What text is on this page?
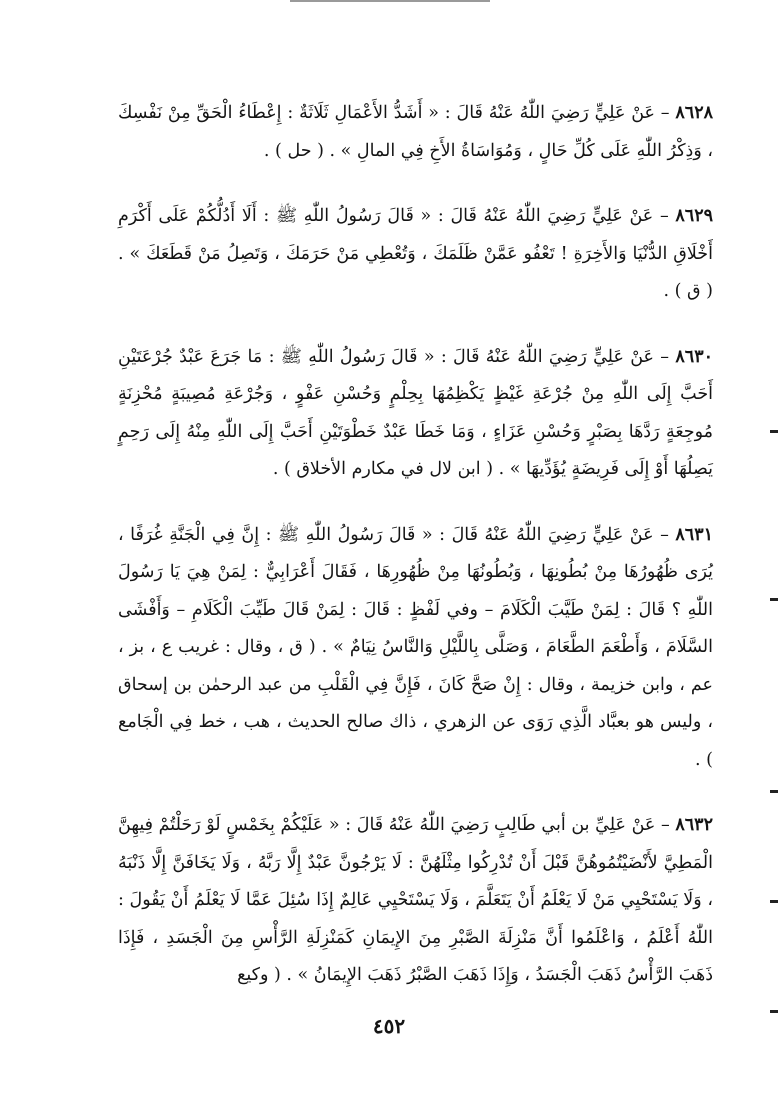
٨٦٢٨ – عَنْ عَلِيٍّ رَضِيَ اللّٰهُ عَنْهُ قَالَ : « أَشَدُّ الأَعْمَالِ ثَلَاثَةٌ : إِعْطَاءُ الْحَقِّ مِنْ نَفْسِكَ ، وَذِكْرُ اللّٰهِ عَلَى كُلِّ حَالٍ ، وَمُوَاسَاةُ الأَخِ فِي المالِ » . ( حل ) .

٨٦٢٩ – عَنْ عَلِيٍّ رَضِيَ اللّٰهُ عَنْهُ قَالَ : « قَالَ رَسُولُ اللّٰهِ ﷺ : أَلَا أَدُلُّكُمْ عَلَى أَكْرَمِ أَخْلَاقِ الدُّنْيَا وَالأَخِرَةِ ! تَعْفُو عَمَّنْ ظَلَمَكَ ، وَتُعْطِي مَنْ حَرَمَكَ ، وَتَصِلُ مَنْ قَطَعَكَ » . ( ق ) .

٨٦٣٠ – عَنْ عَلِيٍّ رَضِيَ اللّٰهُ عَنْهُ قَالَ : « قَالَ رَسُولُ اللّٰهِ ﷺ : مَا جَرَعَ عَبْدٌ جُرْعَتَيْنِ أَحَبَّ إِلَى اللّٰهِ مِنْ جُرْعَةِ غَيْظٍ يَكْظِمُهَا بِحِلْمٍ وَحُسْنِ عَفْوٍ ، وَجُرْعَةِ مُصِيبَةٍ مُحْزِنَةٍ مُوجِعَةٍ رَدَّهَا بِصَبْرٍ وَحُسْنِ عَزَاءٍ ، وَمَا خَطَا عَبْدٌ خَطْوَتَيْنِ أَحَبَّ إِلَى اللّٰهِ مِنْهُ إِلَى رَحِمٍ يَصِلُهَا أَوْ إِلَى فَرِيضَةٍ يُؤَدِّيهَا » . ( ابن لال في مكارم الأخلاق ) .

٨٦٣١ – عَنْ عَلِيٍّ رَضِيَ اللّٰهُ عَنْهُ قَالَ : « قَالَ رَسُولُ اللّٰهِ ﷺ : إِنَّ فِي الْجَنَّةِ غُرَفًا ، يُرَى ظُهُورُهَا مِنْ بُطُونِهَا ، وَبُطُونُهَا مِنْ ظُهُورِهَا ، فَقَالَ أَعْرَابِيٌّ : لِمَنْ هِيَ يَا رَسُولَ اللّٰهِ ؟ قَالَ : لِمَنْ طَيَّبَ الْكَلَامَ – وفي لَفْظٍ : قَالَ : لِمَنْ قَالَ طَيِّبَ الْكَلَامِ – وَأَفْشَى السَّلَامَ ، وَأَطْعَمَ الطَّعَامَ ، وَصَلَّى بِاللَّيْلِ وَالنَّاسُ نِيَامٌ » . ( ق ، وقال : غريب ع ، بز ، عم ، وابن خزيمة ، وقال : إِنْ صَحَّ كَانَ ، فَإِنَّ فِي الْقَلْبِ من عبد الرحمٰن بن إسحاق ، وليس هو بعبَّاد الَّذِي رَوَى عن الزهري ، ذاك صالح الحديث ، هب ، خط فِي الْجَامع ) .

٨٦٣٢ – عَنْ عَلِيِّ بن أبي طَالِبٍ رَضِيَ اللّٰهُ عَنْهُ قَالَ : « عَلَيْكُمْ بِخَمْسٍ لَوْ رَحَلْتُمْ فِيهِنَّ الْمَطِيَّ لأَنْضَيْتُمُوهُنَّ قَبْلَ أَنْ تُدْرِكُوا مِثْلَهُنَّ : لَا يَرْجُونَّ عَبْدٌ إِلَّا رَبَّهُ ، وَلَا يَخَافَنَّ إِلَّا ذَنْبَهُ ، وَلَا يَسْتَحْيِي مَنْ لَا يَعْلَمُ أَنْ يَتَعَلَّمَ ، وَلَا يَسْتَحْيِي عَالِمٌ إِذَا سُئِلَ عَمَّا لَا يَعْلَمُ أَنْ يَقُولَ : اللّٰهُ أَعْلَمُ ، وَاعْلَمُوا أَنَّ مَنْزِلَةَ الصَّبْرِ مِنَ الإِيمَانِ كَمَنْزِلَةِ الرَّأْسِ مِنَ الْجَسَدِ ، فَإِذَا ذَهَبَ الرَّأْسُ ذَهَبَ الْجَسَدُ ، وَإِذَا ذَهَبَ الصَّبْرُ ذَهَبَ الإِيمَانُ » . ( وكيع

٤٥٢
